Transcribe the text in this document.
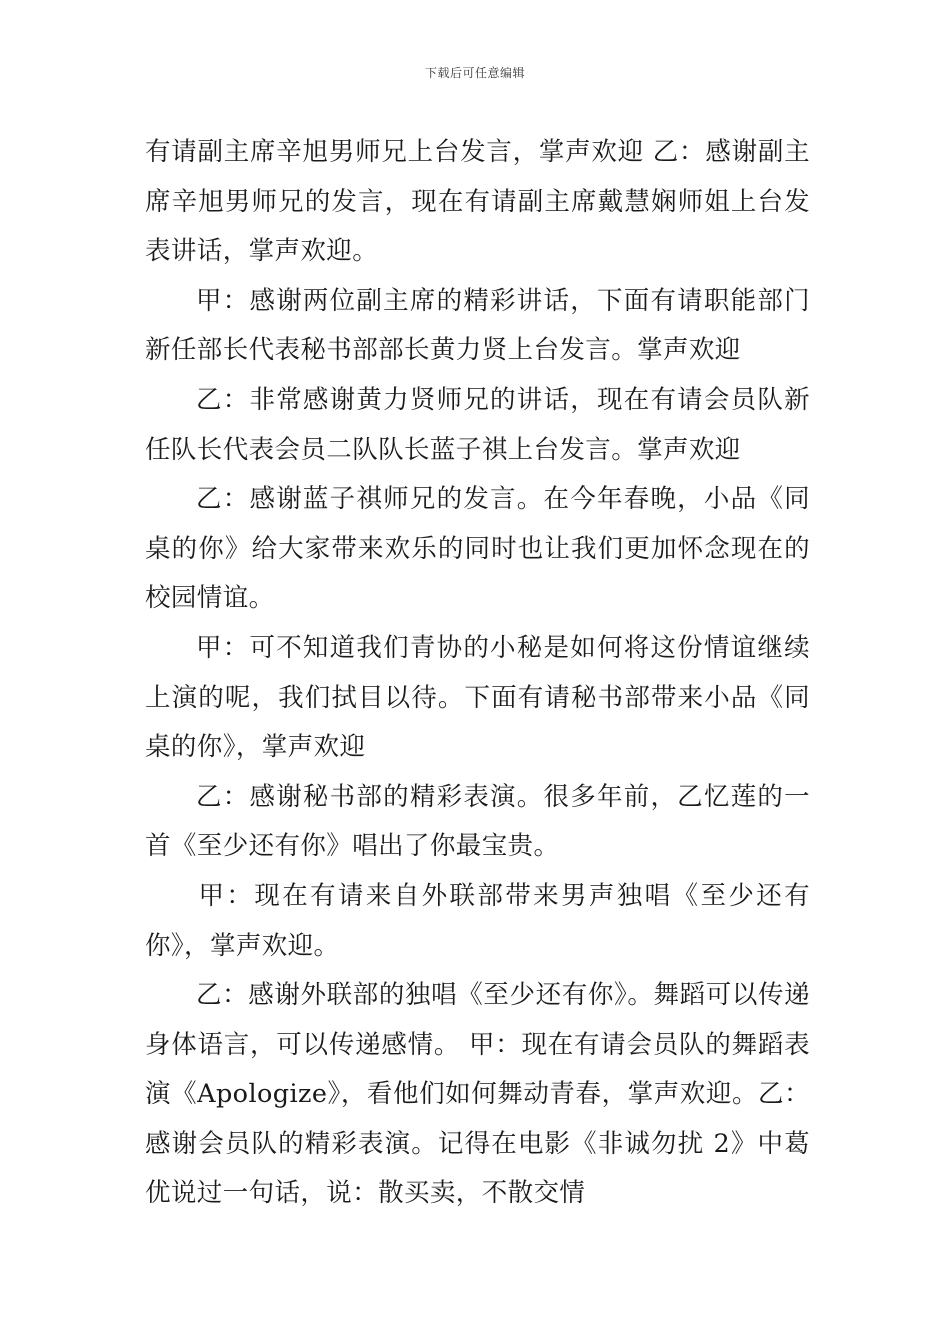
下载后可任意编辑

有请副主席辛旭男师兄上台发言，掌声欢迎 乙：感谢副主席辛旭男师兄的发言，现在有请副主席戴慧娴师姐上台发表讲话，掌声欢迎。

甲：感谢两位副主席的精彩讲话，下面有请职能部门新任部长代表秘书部部长黄力贤上台发言。掌声欢迎

乙：非常感谢黄力贤师兄的讲话，现在有请会员队新任队长代表会员二队队长蓝子祺上台发言。掌声欢迎

乙：感谢蓝子祺师兄的发言。在今年春晚，小品《同桌的你》给大家带来欢乐的同时也让我们更加怀念现在的校园情谊。

甲：可不知道我们青协的小秘是如何将这份情谊继续上演的呢，我们拭目以待。下面有请秘书部带来小品《同桌的你》，掌声欢迎

乙：感谢秘书部的精彩表演。很多年前，乙忆莲的一首《至少还有你》唱出了你最宝贵。

甲：现在有请来自外联部带来男声独唱《至少还有你》，掌声欢迎。

乙：感谢外联部的独唱《至少还有你》。舞蹈可以传递身体语言，可以传递感情。 甲：现在有请会员队的舞蹈表演《Apologize》，看他们如何舞动青春，掌声欢迎。乙：感谢会员队的精彩表演。记得在电影《非诚勿扰 2》中葛优说过一句话，说：散买卖，不散交情
